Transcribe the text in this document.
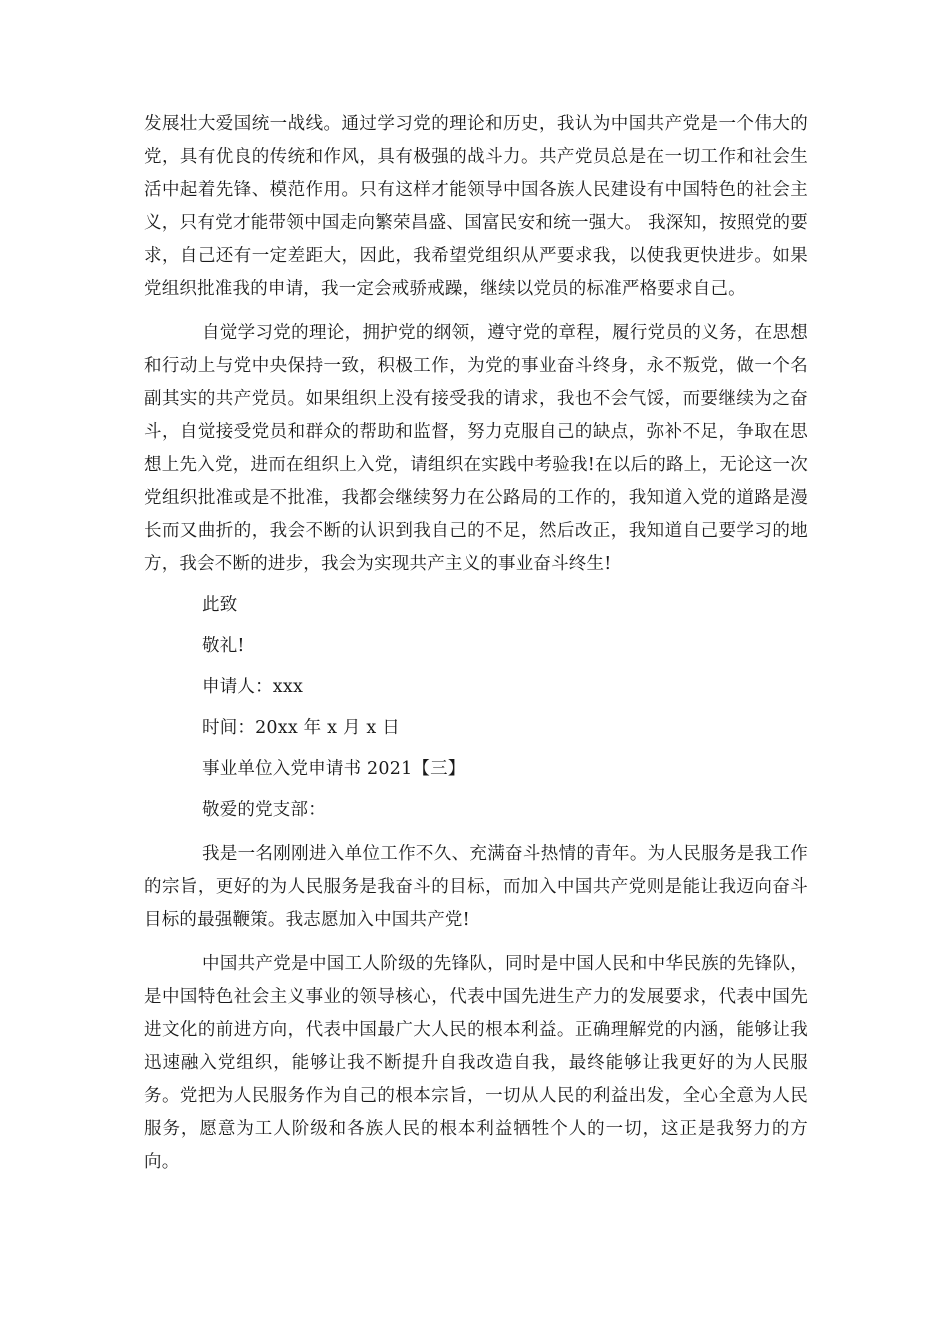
发展壮大爱国统一战线。通过学习党的理论和历史，我认为中国共产党是一个伟大的党，具有优良的传统和作风，具有极强的战斗力。共产党员总是在一切工作和社会生活中起着先锋、模范作用。只有这样才能领导中国各族人民建设有中国特色的社会主义，只有党才能带领中国走向繁荣昌盛、国富民安和统一强大。 我深知，按照党的要求，自己还有一定差距大，因此，我希望党组织从严要求我，以使我更快进步。如果党组织批准我的申请，我一定会戒骄戒躁，继续以党员的标准严格要求自己。

自觉学习党的理论，拥护党的纲领，遵守党的章程，履行党员的义务，在思想和行动上与党中央保持一致，积极工作，为党的事业奋斗终身，永不叛党，做一个名副其实的共产党员。如果组织上没有接受我的请求，我也不会气馁，而要继续为之奋斗，自觉接受党员和群众的帮助和监督，努力克服自己的缺点，弥补不足，争取在思想上先入党，进而在组织上入党，请组织在实践中考验我!在以后的路上，无论这一次党组织批准或是不批准，我都会继续努力在公路局的工作的，我知道入党的道路是漫长而又曲折的，我会不断的认识到我自己的不足，然后改正，我知道自己要学习的地方，我会不断的进步，我会为实现共产主义的事业奋斗终生!

此致

敬礼!

申请人：xxx

时间：20xx 年 x 月 x 日

事业单位入党申请书 2021【三】

敬爱的党支部：

我是一名刚刚进入单位工作不久、充满奋斗热情的青年。为人民服务是我工作的宗旨，更好的为人民服务是我奋斗的目标，而加入中国共产党则是能让我迈向奋斗目标的最强鞭策。我志愿加入中国共产党!

中国共产党是中国工人阶级的先锋队，同时是中国人民和中华民族的先锋队，是中国特色社会主义事业的领导核心，代表中国先进生产力的发展要求，代表中国先进文化的前进方向，代表中国最广大人民的根本利益。正确理解党的内涵，能够让我迅速融入党组织，能够让我不断提升自我改造自我，最终能够让我更好的为人民服务。党把为人民服务作为自己的根本宗旨，一切从人民的利益出发，全心全意为人民服务，愿意为工人阶级和各族人民的根本利益牺牲个人的一切，这正是我努力的方向。
